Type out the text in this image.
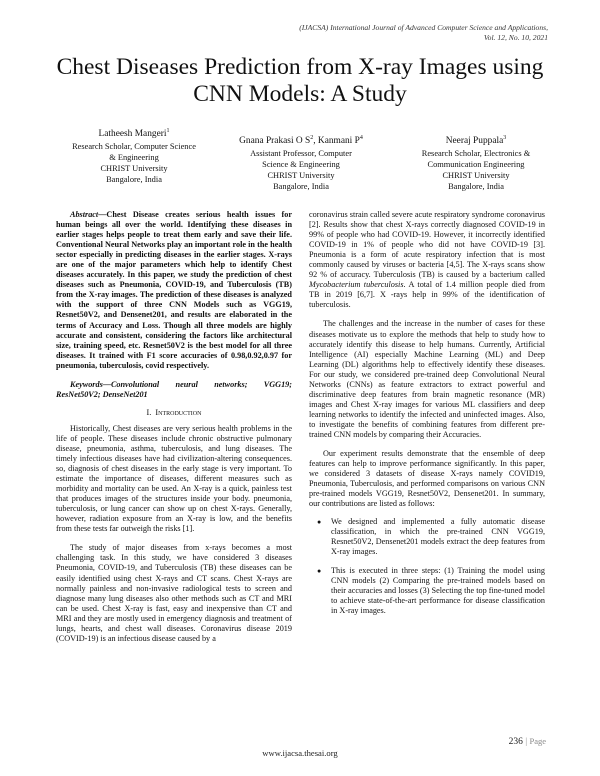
(IJACSA) International Journal of Advanced Computer Science and Applications,
Vol. 12, No. 10, 2021
Chest Diseases Prediction from X-ray Images using
CNN Models: A Study
Latheesh Mangeri$^1$
Research Scholar, Computer Science
& Engineering
CHRIST University
Bangalore, India
Gnana Prakasi O $S^2$, Kanmani $P^4$
Assistant Professor, Computer
Science & Engineering
CHRIST University
Bangalore, India
Neeraj Puppala$^3$
Research Scholar, Electronics &
Communication Engineering
CHRIST University
Bangalore, India

Abstract—Chest Disease creates serious health issues for human beings all over the world. Identifying these diseases in earlier stages helps people to treat them early and save their life. Conventional Neural Networks play an important role in the health sector especially in predicting diseases in the earlier stages. X-rays are one of the major parameters which help to identify Chest diseases accurately. In this paper, we study the prediction of chest diseases such as Pneumonia, COVID-19, and Tuberculosis (TB) from the X-ray images. The prediction of these diseases is analyzed with the support of three CNN Models such as VGG19, Resnet50V2, and Densenet201, and results are elaborated in the terms of Accuracy and Loss. Though all three models are highly accurate and consistent, considering the factors like architectural size, training speed, etc. Resnet50V2 is the best model for all three diseases. It trained with F1 score accuracies of 0.98,0.92,0.97 for pneumonia, tuberculosis, covid respectively.

Keywords—Convolutional neural networks; VGG19; ResNet50V2; DenseNet201

I. Introduction

Historically, Chest diseases are very serious health problems in the life of people. These diseases include chronic obstructive pulmonary disease, pneumonia, asthma, tuberculosis, and lung diseases. The timely infectious diseases have had civilization-altering consequences. so, diagnosis of chest diseases in the early stage is very important. To estimate the importance of diseases, different measures such as morbidity and mortality can be used. An X-ray is a quick, painless test that produces images of the structures inside your body. pneumonia, tuberculosis, or lung cancer can show up on chest X-rays. Generally, however, radiation exposure from an X-ray is low, and the benefits from these tests far outweigh the risks [1].

The study of major diseases from x-rays becomes a most challenging task. In this study, we have considered 3 diseases Pneumonia, COVID-19, and Tuberculosis (TB) these diseases can be easily identified using chest X-rays and CT scans. Chest X-rays are normally painless and non-invasive radiological tests to screen and diagnose many lung diseases also other methods such as CT and MRI can be used. Chest X-ray is fast, easy and inexpensive than CT and MRI and they are mostly used in emergency diagnosis and treatment of lungs, hearts, and chest wall diseases. Coronavirus disease 2019 (COVID-19) is an infectious disease caused by a

coronavirus strain called severe acute respiratory syndrome coronavirus [2]. Results show that chest X-rays correctly diagnosed COVID-19 in 99% of people who had COVID-19. However, it incorrectly identified COVID-19 in 1% of people who did not have COVID-19 [3]. Pneumonia is a form of acute respiratory infection that is most commonly caused by viruses or bacteria [4,5]. The X-rays scans show 92 % of accuracy. Tuberculosis (TB) is caused by a bacterium called Mycobacterium tuberculosis. A total of 1.4 million people died from TB in 2019 [6,7]. X -rays help in 99% of the identification of tuberculosis.

The challenges and the increase in the number of cases for these diseases motivate us to explore the methods that help to study how to accurately identify this disease to help humans. Currently, Artificial Intelligence (AI) especially Machine Learning (ML) and Deep Learning (DL) algorithms help to effectively identify these diseases. For our study, we considered pre-trained deep Convolutional Neural Networks (CNNs) as feature extractors to extract powerful and discriminative deep features from brain magnetic resonance (MR) images and Chest X-ray images for various ML classifiers and deep learning networks to identify the infected and uninfected images. Also, to investigate the benefits of combining features from different pre-trained CNN models by comparing their Accuracies.

Our experiment results demonstrate that the ensemble of deep features can help to improve performance significantly. In this paper, we considered 3 datasets of disease X-rays namely COVID19, Pneumonia, Tuberculosis, and performed comparisons on various CNN pre-trained models VGG19, Resnet50V2, Densenet201. In summary, our contributions are listed as follows:

● We designed and implemented a fully automatic disease classification, in which the pre-trained CNN VGG19, Resnet50V2, Densenet201 models extract the deep features from X-ray images.
● This is executed in three steps: (1) Training the model using CNN models (2) Comparing the pre-trained models based on their accuracies and losses (3) Selecting the top fine-tuned model to achieve state-of-the-art performance for disease classification in X-ray images.
236 | Page
www.ijacsa.thesai.org
